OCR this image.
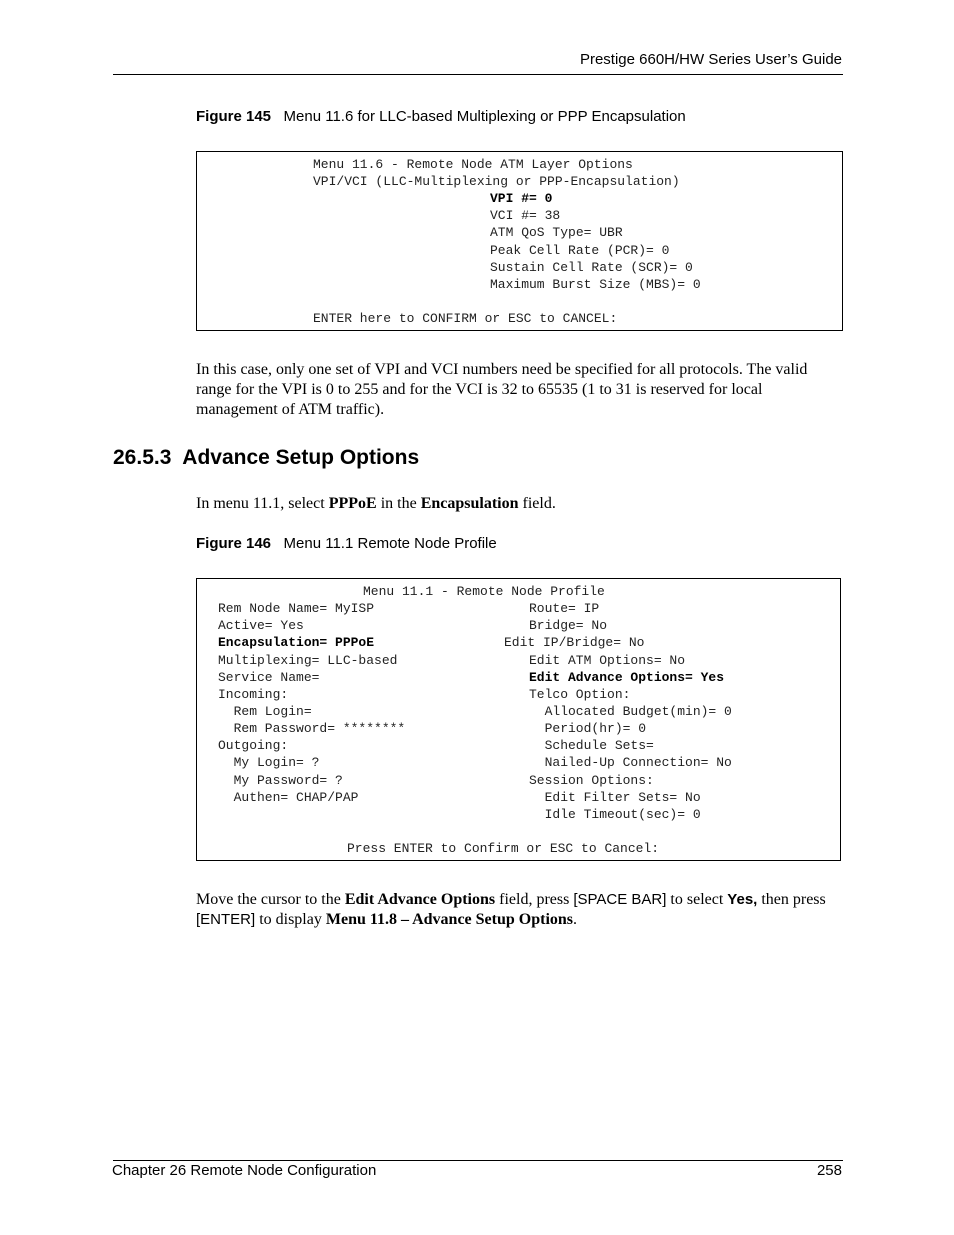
Prestige 660H/HW Series User’s Guide
Figure 145 Menu 11.6 for LLC-based Multiplexing or PPP Encapsulation
Menu 11.6 - Remote Node ATM Layer Options
VPI/VCI (LLC-Multiplexing or PPP-Encapsulation)
VPI #= 0
VCI #= 38
ATM QoS Type= UBR
Peak Cell Rate (PCR)= 0
Sustain Cell Rate (SCR)= 0
Maximum Burst Size (MBS)= 0
ENTER here to CONFIRM or ESC to CANCEL:
In this case, only one set of VPI and VCI numbers need be specified for all protocols. The valid range for the VPI is 0 to 255 and for the VCI is 32 to 65535 (1 to 31 is reserved for local management of ATM traffic).
26.5.3 Advance Setup Options
In menu 11.1, select PPPoE in the Encapsulation field.
Figure 146 Menu 11.1 Remote Node Profile
Menu 11.1 - Remote Node Profile
Rem Node Name= MyISP
Active= Yes
Encapsulation= PPPoE
Multiplexing= LLC-based
Service Name=
Incoming:
Rem Login=
Rem Password= ********
Outgoing:
My Login= ?
My Password= ?
Authen= CHAP/PAP
Route= IP
Bridge= No
Edit IP/Bridge= No
Edit ATM Options= No
Edit Advance Options= Yes
Telco Option:
Allocated Budget(min)= 0
Period(hr)= 0
Schedule Sets=
Nailed-Up Connection= No
Session Options:
Edit Filter Sets= No
Idle Timeout(sec)= 0
Press ENTER to Confirm or ESC to Cancel:
Move the cursor to the Edit Advance Options field, press [SPACE BAR] to select Yes, then press [ENTER] to display Menu 11.8 – Advance Setup Options.
Chapter 26 Remote Node Configuration	258
